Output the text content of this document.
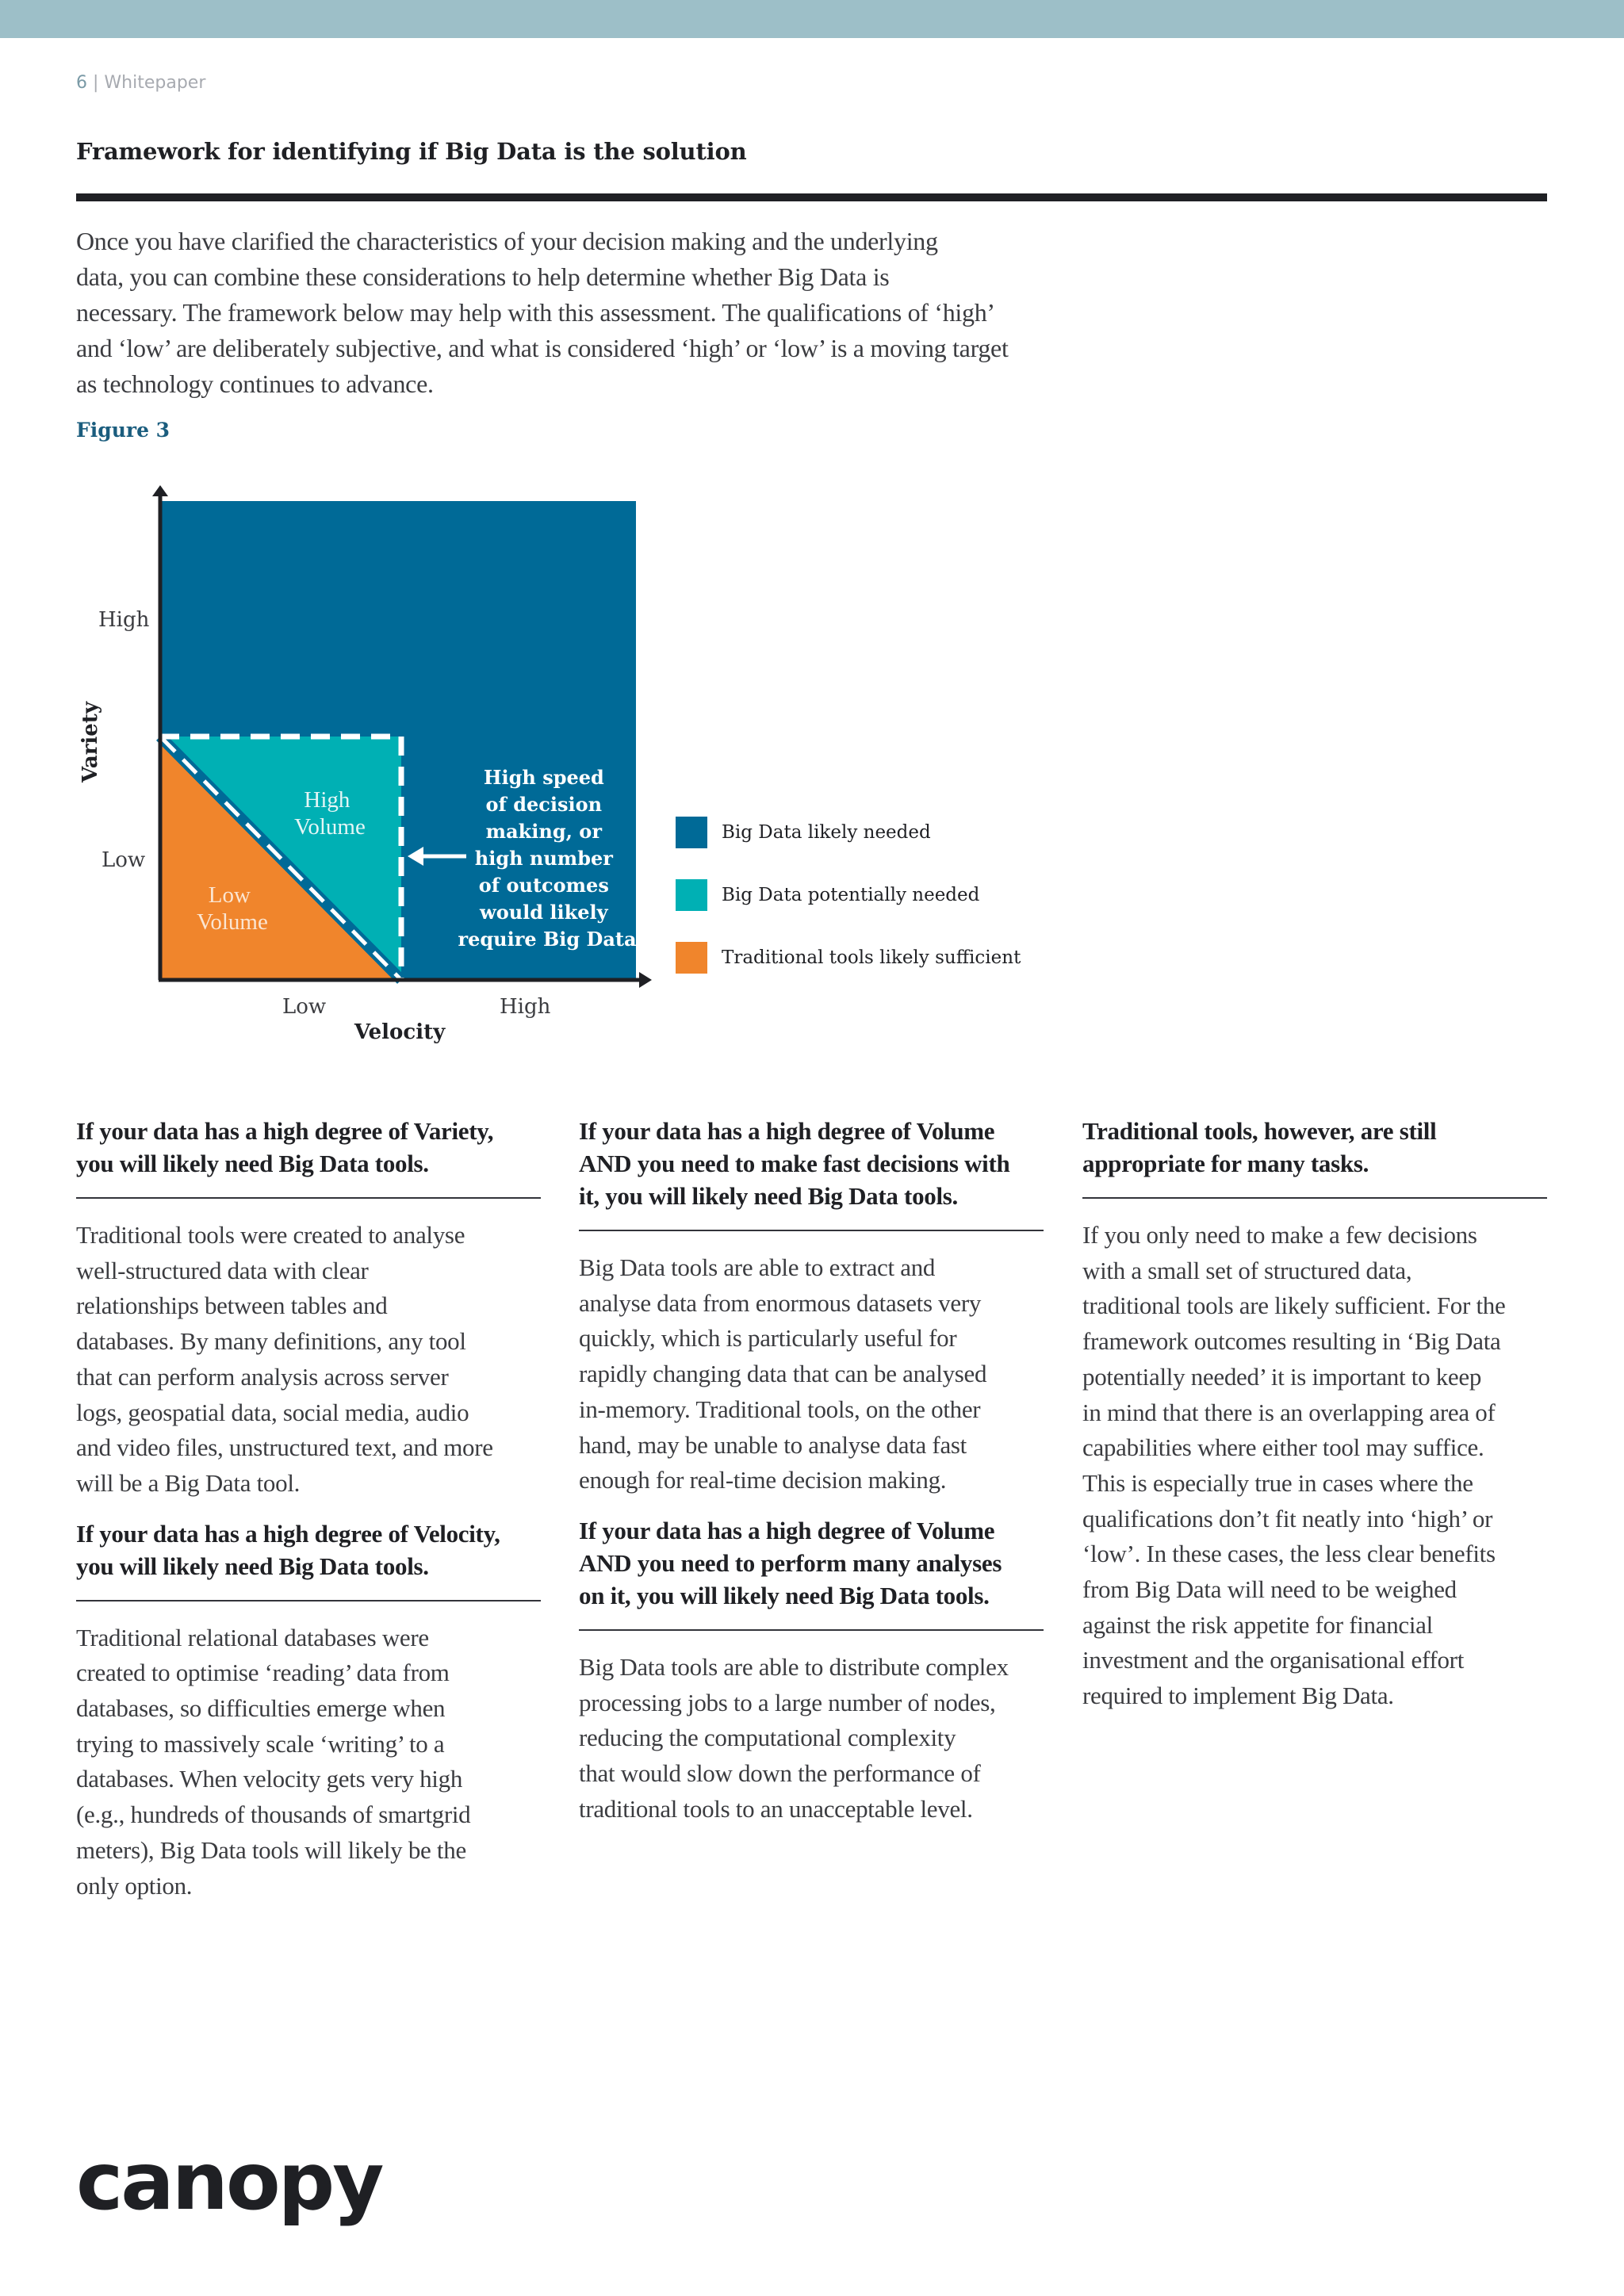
6 | Whitepaper
Framework for identifying if Big Data is the solution
Once you have clarified the characteristics of your decision making and the underlying
data, you can combine these considerations to help determine whether Big Data is
necessary. The framework below may help with this assessment. The qualifications of ‘high’
and ‘low’ are deliberately subjective, and what is considered ‘high’ or ‘low’ is a moving target
as technology continues to advance.
Figure 3
High
Low
Low	High
Velocity
Variety
High Volume
Low Volume
High speed of decision making, or high number of outcomes would likely require Big Data
Big Data likely needed
Big Data potentially needed
Traditional tools likely sufficient
If your data has a high degree of Variety,
you will likely need Big Data tools.
Traditional tools were created to analyse
well-structured data with clear
relationships between tables and
databases. By many definitions, any tool
that can perform analysis across server
logs, geospatial data, social media, audio
and video files, unstructured text, and more
will be a Big Data tool.
If your data has a high degree of Velocity,
you will likely need Big Data tools.
Traditional relational databases were
created to optimise ‘reading’ data from
databases, so difficulties emerge when
trying to massively scale ‘writing’ to a
databases. When velocity gets very high
(e.g., hundreds of thousands of smartgrid
meters), Big Data tools will likely be the
only option.
If your data has a high degree of Volume
AND you need to make fast decisions with
it, you will likely need Big Data tools.
Big Data tools are able to extract and
analyse data from enormous datasets very
quickly, which is particularly useful for
rapidly changing data that can be analysed
in-memory. Traditional tools, on the other
hand, may be unable to analyse data fast
enough for real-time decision making.
If your data has a high degree of Volume
AND you need to perform many analyses
on it, you will likely need Big Data tools.
Big Data tools are able to distribute complex
processing jobs to a large number of nodes,
reducing the computational complexity
that would slow down the performance of
traditional tools to an unacceptable level.
Traditional tools, however, are still
appropriate for many tasks.
If you only need to make a few decisions
with a small set of structured data,
traditional tools are likely sufficient. For the
framework outcomes resulting in ‘Big Data
potentially needed’ it is important to keep
in mind that there is an overlapping area of
capabilities where either tool may suffice.
This is especially true in cases where the
qualifications don’t fit neatly into ‘high’ or
‘low’. In these cases, the less clear benefits
from Big Data will need to be weighed
against the risk appetite for financial
investment and the organisational effort
required to implement Big Data.
canopy
